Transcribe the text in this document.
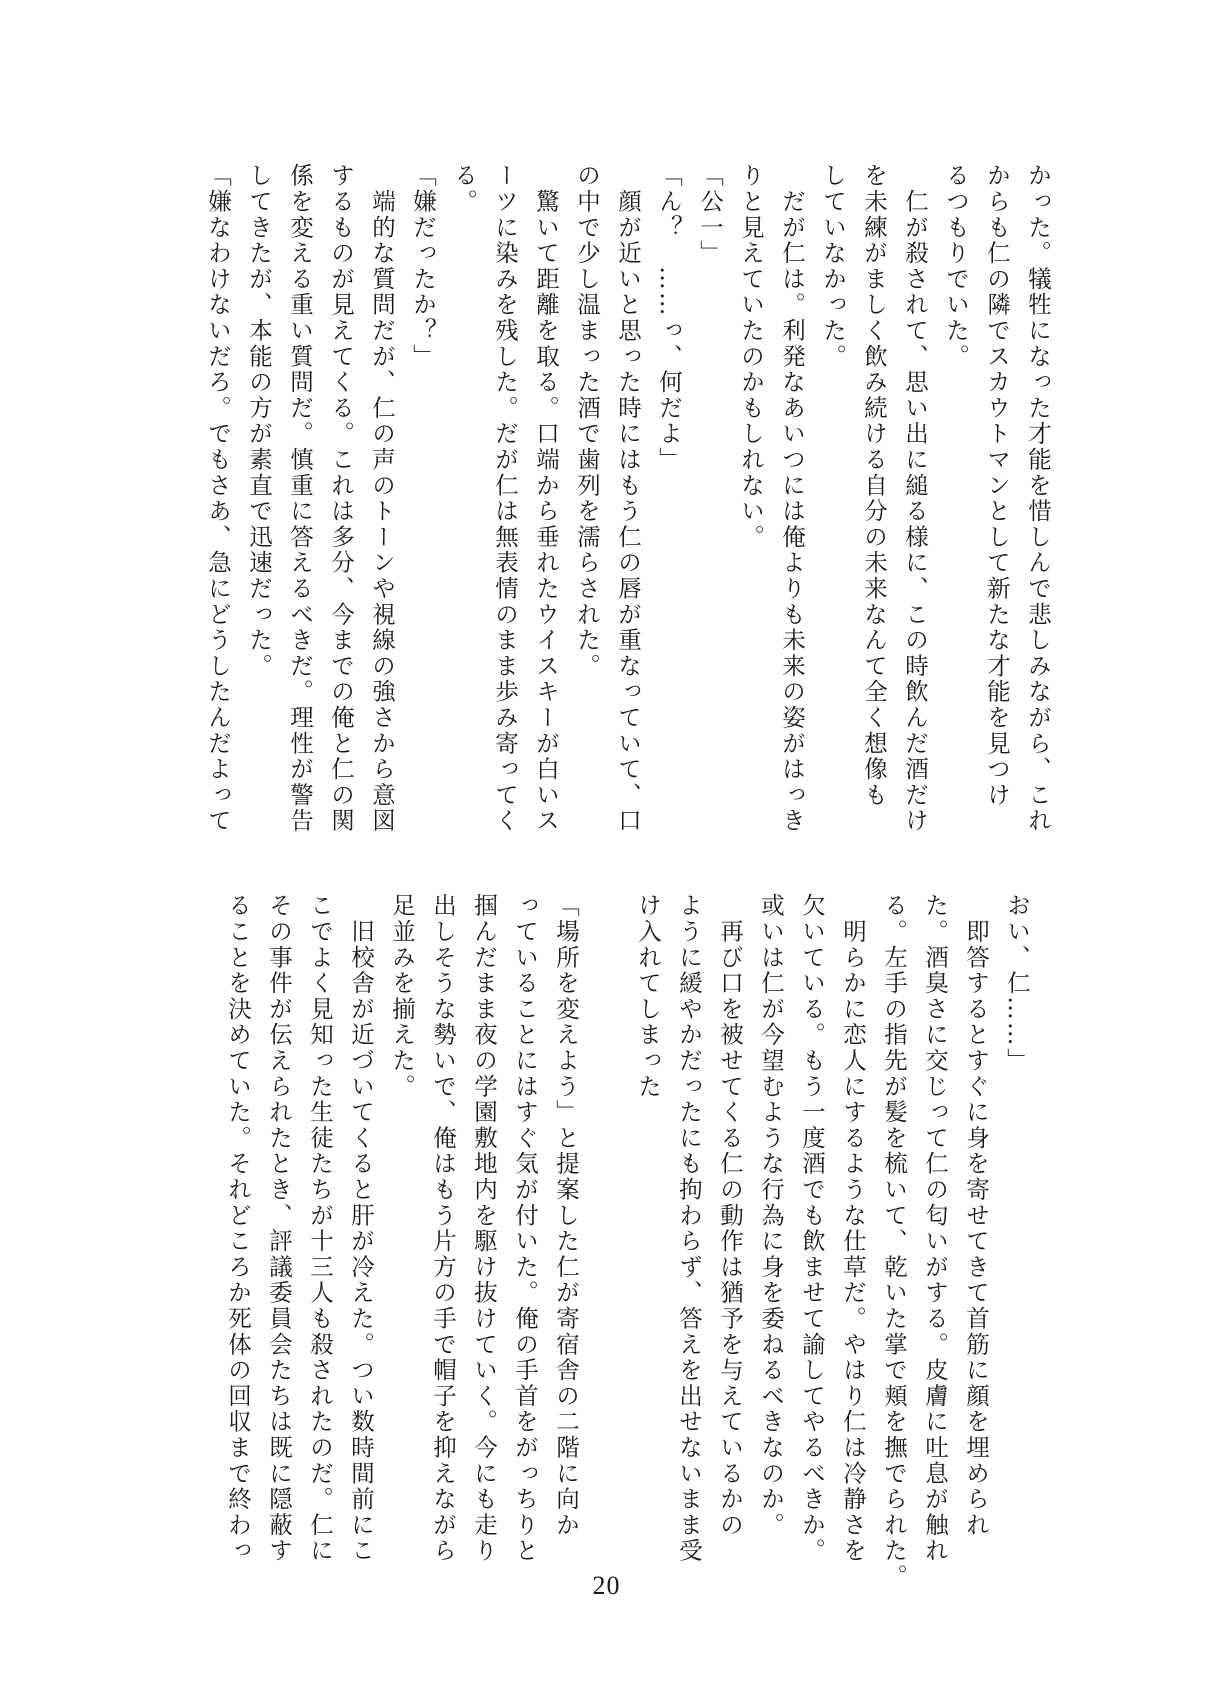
かった。犠牲になった才能を惜しんで悲しみながら、これ
からも仁の隣でスカウトマンとして新たな才能を見つけ
るつもりでいた。
　仁が殺されて、思い出に縋る様に、この時飲んだ酒だけ
を未練がましく飲み続ける自分の未来なんて全く想像も
していなかった。
　だが仁は。利発なあいつには俺よりも未来の姿がはっき
りと見えていたのかもしれない。
「公一」
「ん？　……っ、何だよ」
　顔が近いと思った時にはもう仁の唇が重なっていて、口
の中で少し温まった酒で歯列を濡らされた。
　驚いて距離を取る。口端から垂れたウイスキーが白いス
ーツに染みを残した。だが仁は無表情のまま歩み寄ってく
る。
「嫌だったか？」
　端的な質問だが、仁の声のトーンや視線の強さから意図
するものが見えてくる。これは多分、今までの俺と仁の関
係を変える重い質問だ。慎重に答えるべきだ。理性が警告
してきたが、本能の方が素直で迅速だった。
「嫌なわけないだろ。でもさあ、急にどうしたんだよって
おい、仁……」
　即答するとすぐに身を寄せてきて首筋に顔を埋められ
た。酒臭さに交じって仁の匂いがする。皮膚に吐息が触れ
る。左手の指先が髪を梳いて、乾いた掌で頬を撫でられた。
　明らかに恋人にするような仕草だ。やはり仁は冷静さを
欠いている。もう一度酒でも飲ませて諭してやるべきか。
或いは仁が今望むような行為に身を委ねるべきなのか。
　再び口を被せてくる仁の動作は猶予を与えているかの
ように緩やかだったにも拘わらず、答えを出せないまま受
け入れてしまった

「場所を変えよう」と提案した仁が寄宿舎の二階に向か
っていることにはすぐ気が付いた。俺の手首をがっちりと
掴んだまま夜の学園敷地内を駆け抜けていく。今にも走り
出しそうな勢いで、俺はもう片方の手で帽子を抑えながら
足並みを揃えた。
　旧校舎が近づいてくると肝が冷えた。つい数時間前にこ
こでよく見知った生徒たちが十三人も殺されたのだ。仁に
その事件が伝えられたとき、評議委員会たちは既に隠蔽す
ることを決めていた。それどころか死体の回収まで終わっ
20
